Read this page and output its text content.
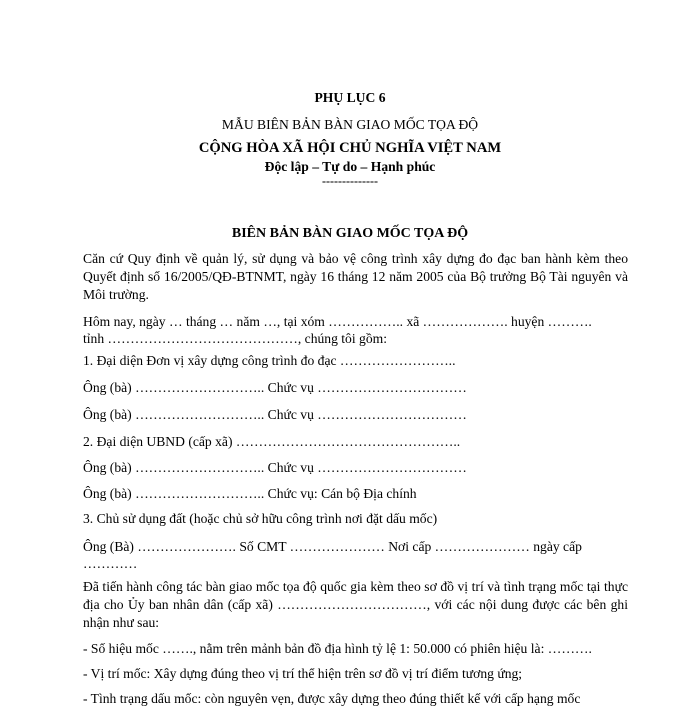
PHỤ LỤC 6
MẪU BIÊN BẢN BÀN GIAO MỐC TỌA ĐỘ
CỘNG HÒA XÃ HỘI CHỦ NGHĨA VIỆT NAM
Độc lập – Tự do – Hạnh phúc
--------------
BIÊN BẢN BÀN GIAO MỐC TỌA ĐỘ
Căn cứ Quy định về quản lý, sử dụng và bảo vệ công trình xây dựng đo đạc ban hành kèm theo Quyết định số 16/2005/QĐ-BTNMT, ngày 16 tháng 12 năm 2005 của Bộ trưởng Bộ Tài nguyên và Môi trường.
Hôm nay, ngày … tháng … năm …, tại xóm …………….. xã ………………. huyện ……….
tỉnh ……………………………………, chúng tôi gồm:
1. Đại diện Đơn vị xây dựng công trình đo đạc ……………………..
Ông (bà) ……………………….. Chức vụ ……………………………
Ông (bà) ……………………….. Chức vụ ……………………………
2. Đại diện UBND (cấp xã) …………………………………………..
Ông (bà) ……………………….. Chức vụ ……………………………
Ông (bà) ……………………….. Chức vụ: Cán bộ Địa chính
3. Chủ sử dụng đất (hoặc chủ sở hữu công trình nơi đặt dấu mốc)
Ông (Bà) …………………. Số CMT ………………… Nơi cấp ………………… ngày cấp
…………
Đã tiến hành công tác bàn giao mốc tọa độ quốc gia kèm theo sơ đồ vị trí và tình trạng mốc tại thực địa cho Ủy ban nhân dân (cấp xã) ……………………………, với các nội dung được các bên ghi nhận như sau:
- Số hiệu mốc ……., nằm trên mảnh bản đồ địa hình tỷ lệ 1: 50.000 có phiên hiệu là: ……….
- Vị trí mốc: Xây dựng đúng theo vị trí thể hiện trên sơ đồ vị trí điểm tương ứng;
- Tình trạng dấu mốc: còn nguyên vẹn, được xây dựng theo đúng thiết kế với cấp hạng mốc
